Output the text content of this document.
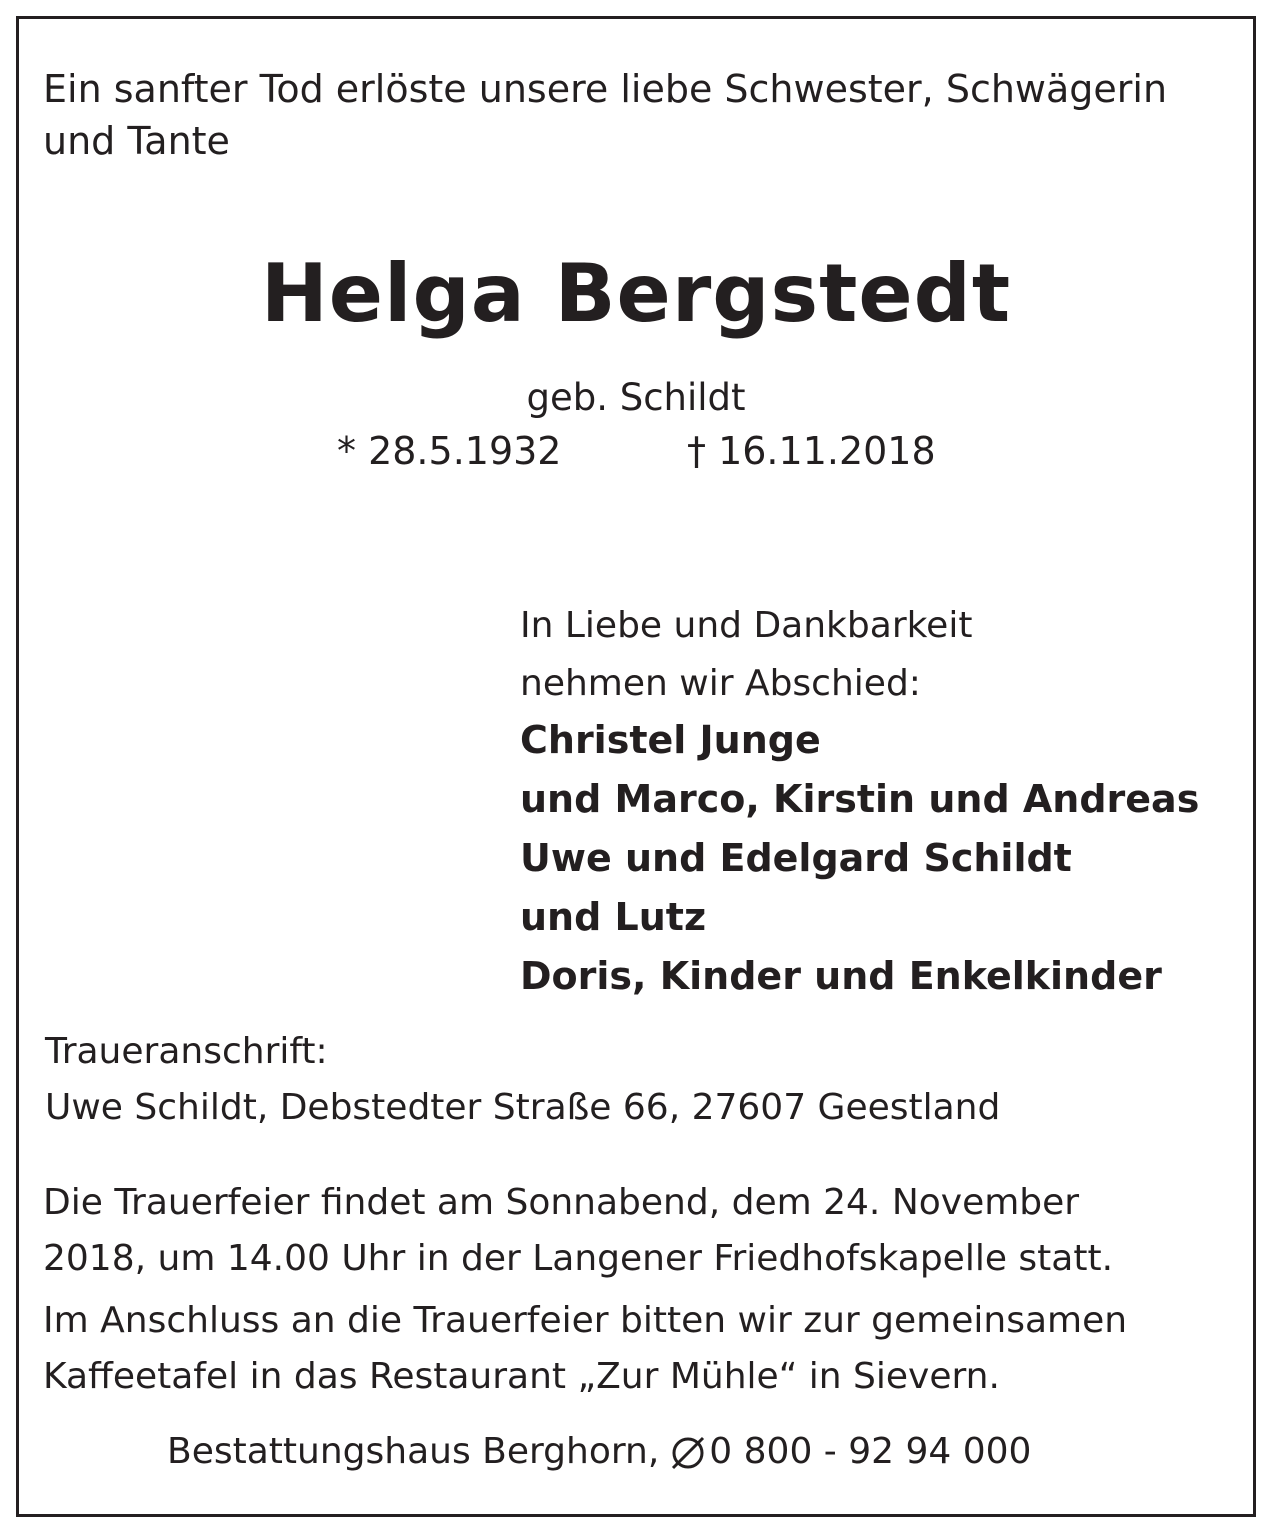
Ein sanfter Tod erlöste unsere liebe Schwester, Schwägerin und Tante
Helga Bergstedt
geb. Schildt
* 28.5.1932	† 16.11.2018
In Liebe und Dankbarkeit
nehmen wir Abschied:
Christel Junge
und Marco, Kirstin und Andreas
Uwe und Edelgard Schildt
und Lutz
Doris, Kinder und Enkelkinder
Traueranschrift:
Uwe Schildt, Debstedter Straße 66, 27607 Geestland
Die Trauerfeier findet am Sonnabend, dem 24. November
2018, um 14.00 Uhr in der Langener Friedhofskapelle statt.
Im Anschluss an die Trauerfeier bitten wir zur gemeinsamen
Kaffeetafel in das Restaurant „Zur Mühle“ in Sievern.
Bestattungshaus Berghorn, 0 800 - 92 94 000
